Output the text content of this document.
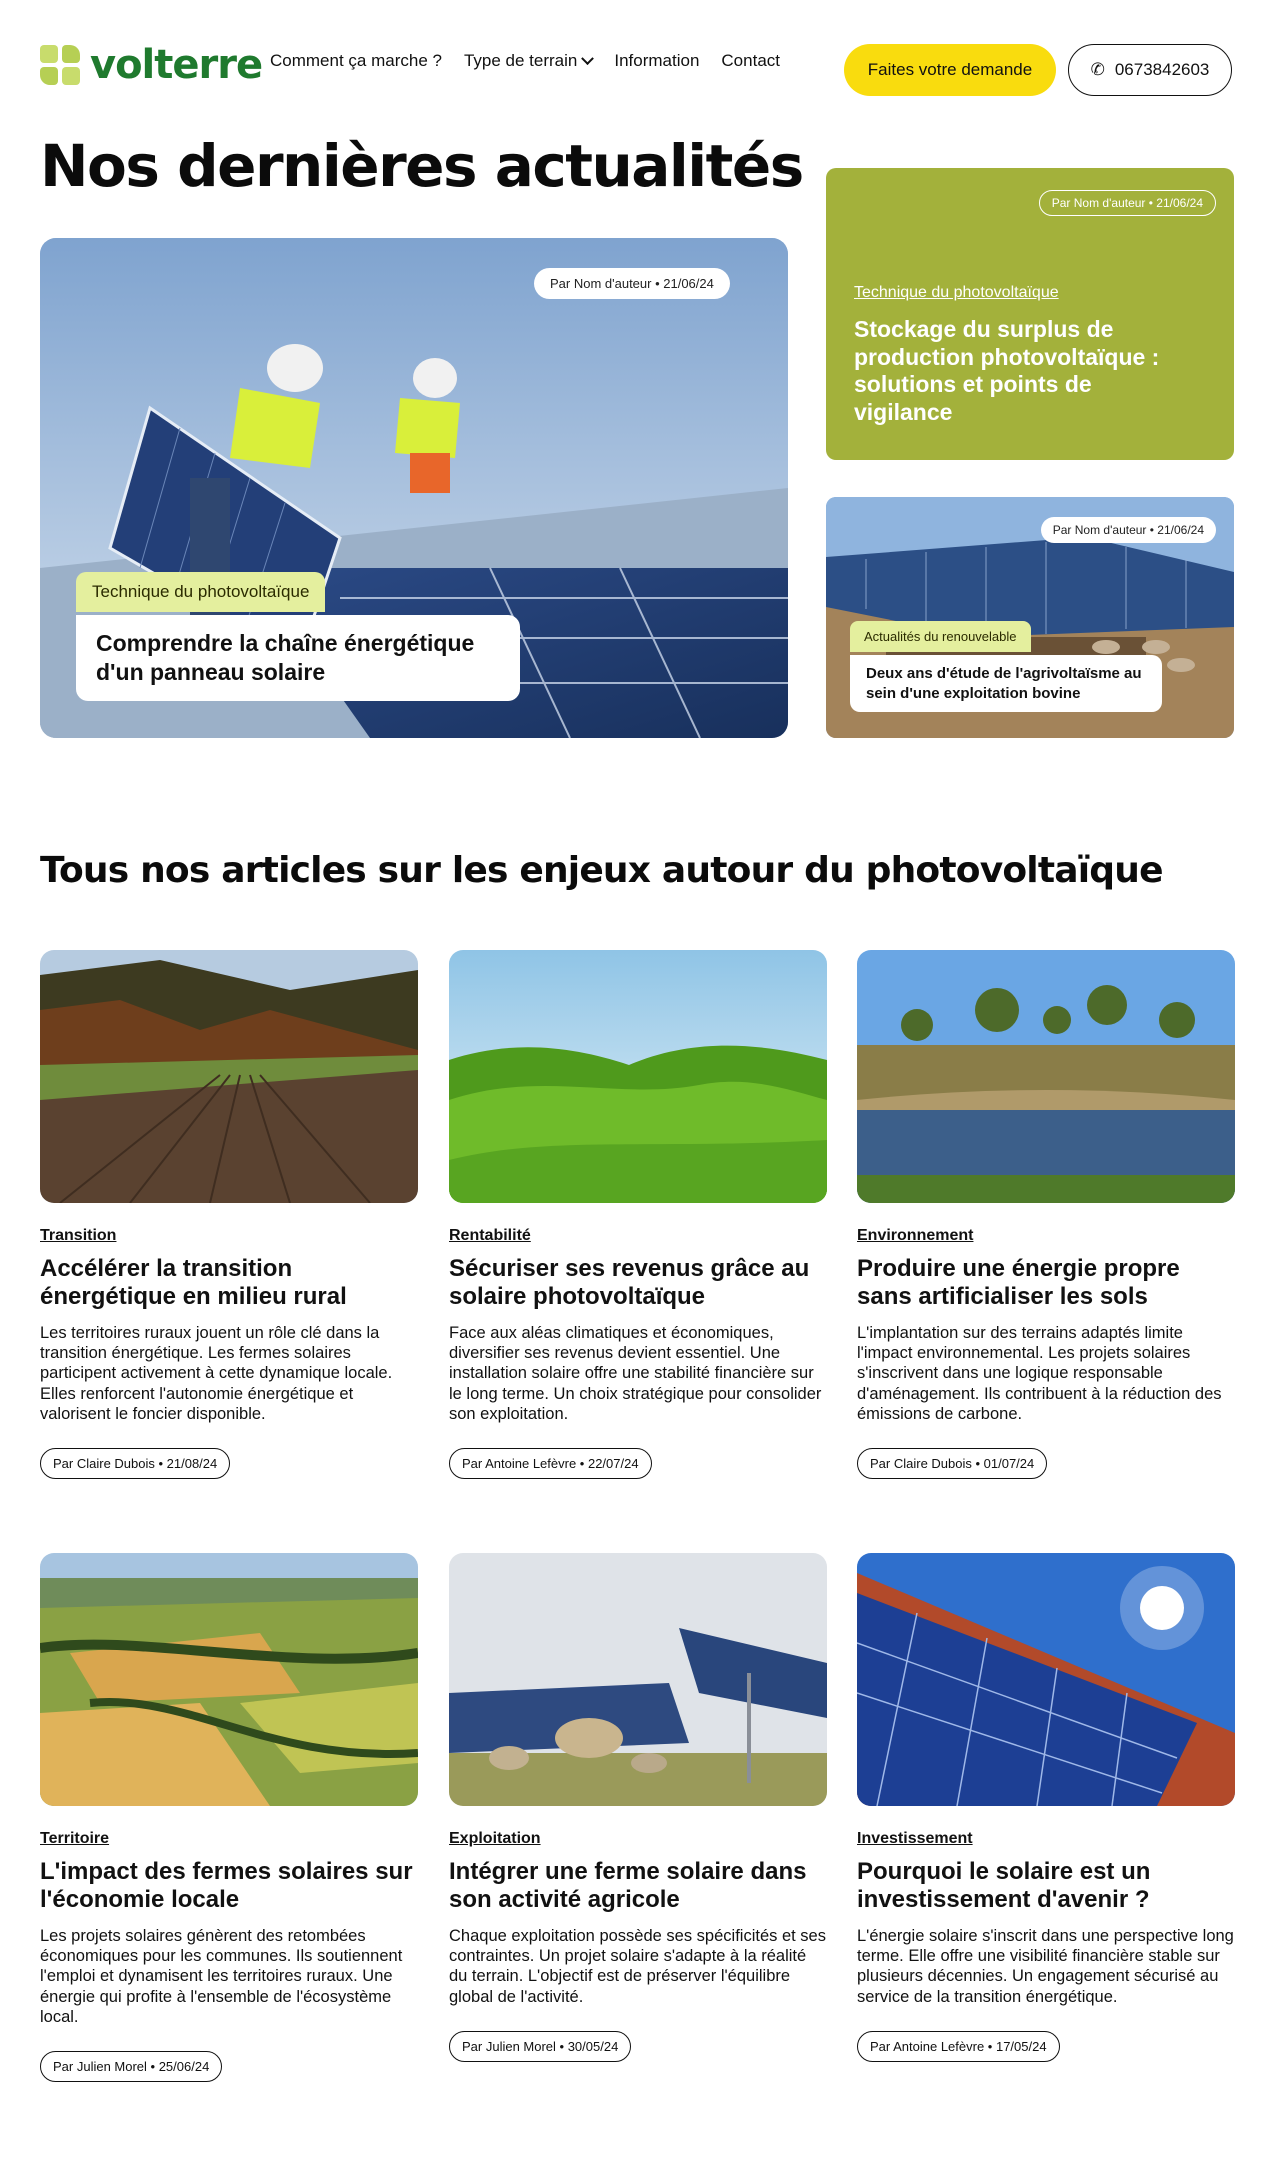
volterre Comment ça marche ? Type de terrain Information Contact	Faites votre demande	✆ 0673842603
Nos dernières actualités
Par Nom d'auteur • 21/06/24
Technique du photovoltaïque
Comprendre la chaîne énergétique d'un panneau solaire
Par Nom d'auteur • 21/06/24
Technique du photovoltaïque
Stockage du surplus de production photovoltaïque : solutions et points de vigilance
Par Nom d'auteur • 21/06/24
Actualités du renouvelable
Deux ans d'étude de l'agrivoltaïsme au sein d'une exploitation bovine
Tous nos articles sur les enjeux autour du photovoltaïque
Transition
Accélérer la transition énergétique en milieu rural
Les territoires ruraux jouent un rôle clé dans la transition énergétique. Les fermes solaires participent activement à cette dynamique locale. Elles renforcent l'autonomie énergétique et valorisent le foncier disponible.
Par Claire Dubois • 21/08/24
Rentabilité
Sécuriser ses revenus grâce au solaire photovoltaïque
Face aux aléas climatiques et économiques, diversifier ses revenus devient essentiel. Une installation solaire offre une stabilité financière sur le long terme. Un choix stratégique pour consolider son exploitation.
Par Antoine Lefèvre • 22/07/24
Environnement
Produire une énergie propre sans artificialiser les sols
L'implantation sur des terrains adaptés limite l'impact environnemental. Les projets solaires s'inscrivent dans une logique responsable d'aménagement. Ils contribuent à la réduction des émissions de carbone.
Par Claire Dubois • 01/07/24
Territoire
L'impact des fermes solaires sur l'économie locale
Les projets solaires génèrent des retombées économiques pour les communes. Ils soutiennent l'emploi et dynamisent les territoires ruraux. Une énergie qui profite à l'ensemble de l'écosystème local.
Par Julien Morel • 25/06/24
Exploitation
Intégrer une ferme solaire dans son activité agricole
Chaque exploitation possède ses spécificités et ses contraintes. Un projet solaire s'adapte à la réalité du terrain. L'objectif est de préserver l'équilibre global de l'activité.
Par Julien Morel • 30/05/24
Investissement
Pourquoi le solaire est un investissement d'avenir ?
L'énergie solaire s'inscrit dans une perspective long terme. Elle offre une visibilité financière stable sur plusieurs décennies. Un engagement sécurisé au service de la transition énergétique.
Par Antoine Lefèvre • 17/05/24
